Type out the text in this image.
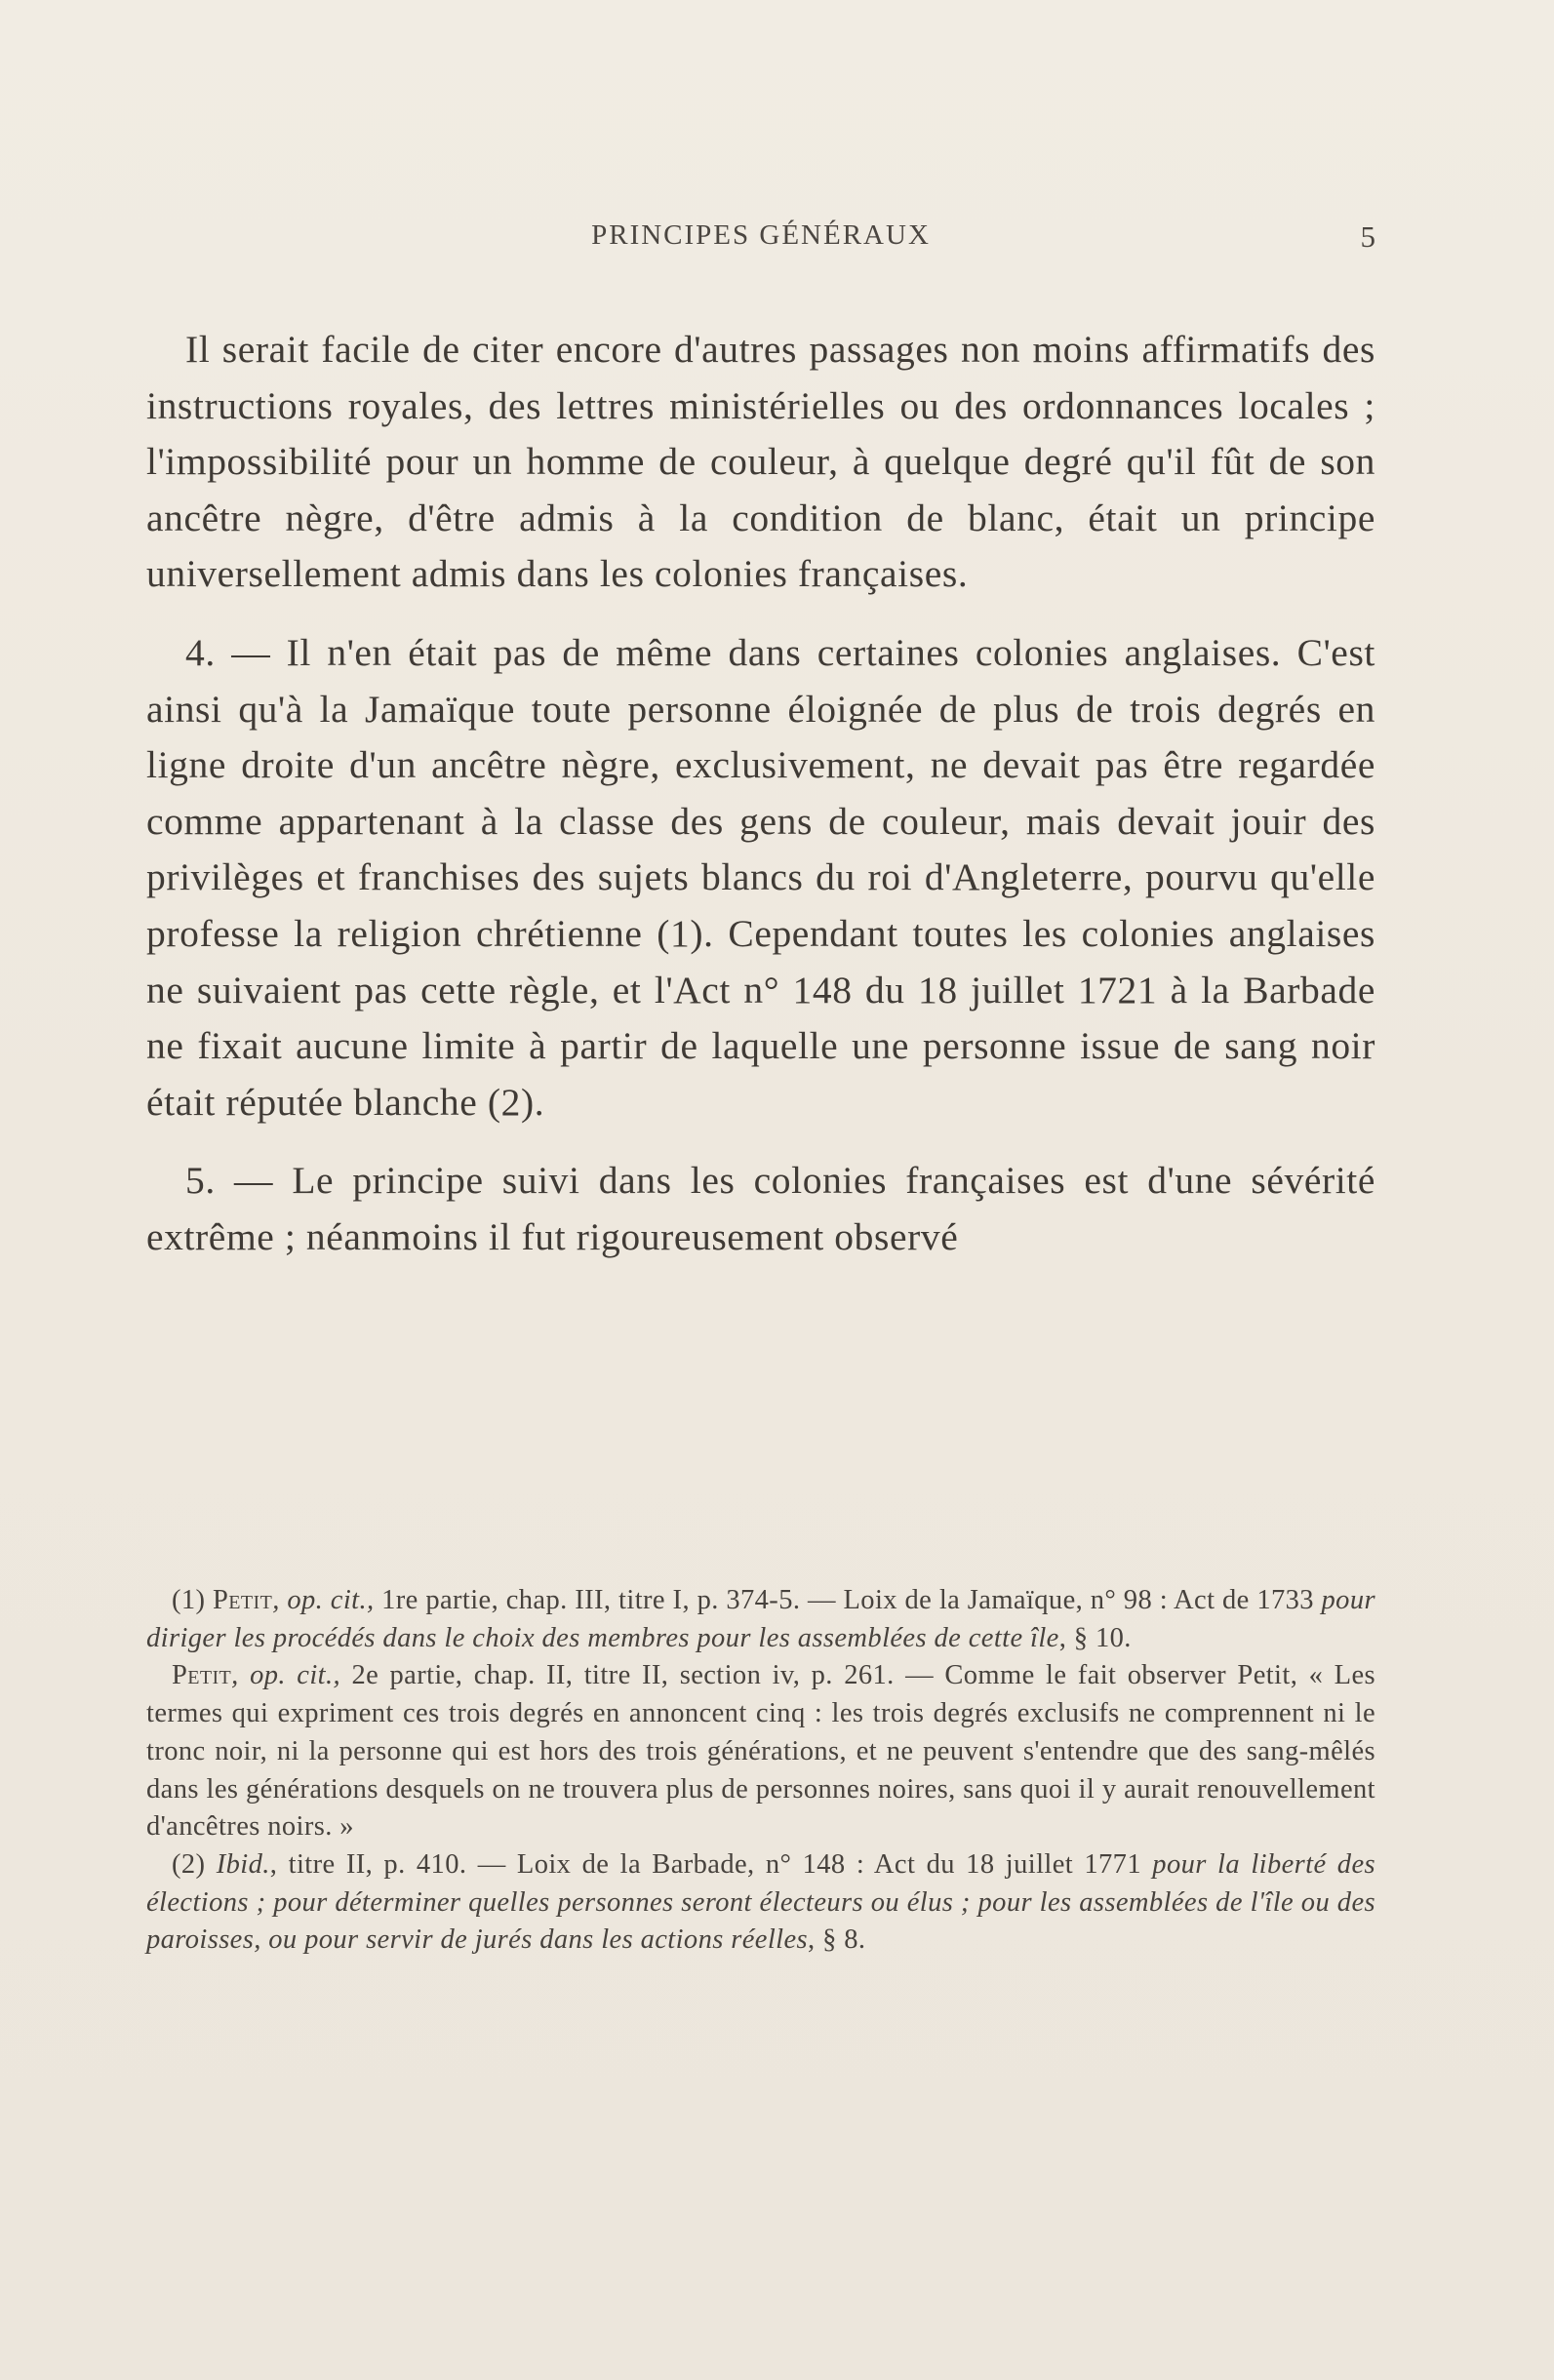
PRINCIPES GÉNÉRAUX	5

Il serait facile de citer encore d'autres passages non moins affirmatifs des instructions royales, des lettres ministérielles ou des ordonnances locales ; l'impossibilité pour un homme de couleur, à quelque degré qu'il fût de son ancêtre nègre, d'être admis à la condition de blanc, était un principe universellement admis dans les colonies françaises.

4. — Il n'en était pas de même dans certaines colonies anglaises. C'est ainsi qu'à la Jamaïque toute personne éloignée de plus de trois degrés en ligne droite d'un ancêtre nègre, exclusivement, ne devait pas être regardée comme appartenant à la classe des gens de couleur, mais devait jouir des privilèges et franchises des sujets blancs du roi d'Angleterre, pourvu qu'elle professe la religion chrétienne (1). Cependant toutes les colonies anglaises ne suivaient pas cette règle, et l'Act n° 148 du 18 juillet 1721 à la Barbade ne fixait aucune limite à partir de laquelle une personne issue de sang noir était réputée blanche (2).

5. — Le principe suivi dans les colonies françaises est d'une sévérité extrême ; néanmoins il fut rigoureusement observé

(1) Petit, op. cit., 1re partie, chap. III, titre I, p. 374-5. — Loix de la Jamaïque, n° 98 : Act de 1733 pour diriger les procédés dans le choix des membres pour les assemblées de cette île, § 10.

Petit, op. cit., 2e partie, chap. II, titre II, section iv, p. 261. — Comme le fait observer Petit, « Les termes qui expriment ces trois degrés en annoncent cinq : les trois degrés exclusifs ne comprennent ni le tronc noir, ni la personne qui est hors des trois générations, et ne peuvent s'entendre que des sang-mêlés dans les générations desquels on ne trouvera plus de personnes noires, sans quoi il y aurait renouvellement d'ancêtres noirs. »

(2) Ibid., titre II, p. 410. — Loix de la Barbade, n° 148 : Act du 18 juillet 1771 pour la liberté des élections ; pour déterminer quelles personnes seront électeurs ou élus ; pour les assemblées de l'île ou des paroisses, ou pour servir de jurés dans les actions réelles, § 8.
